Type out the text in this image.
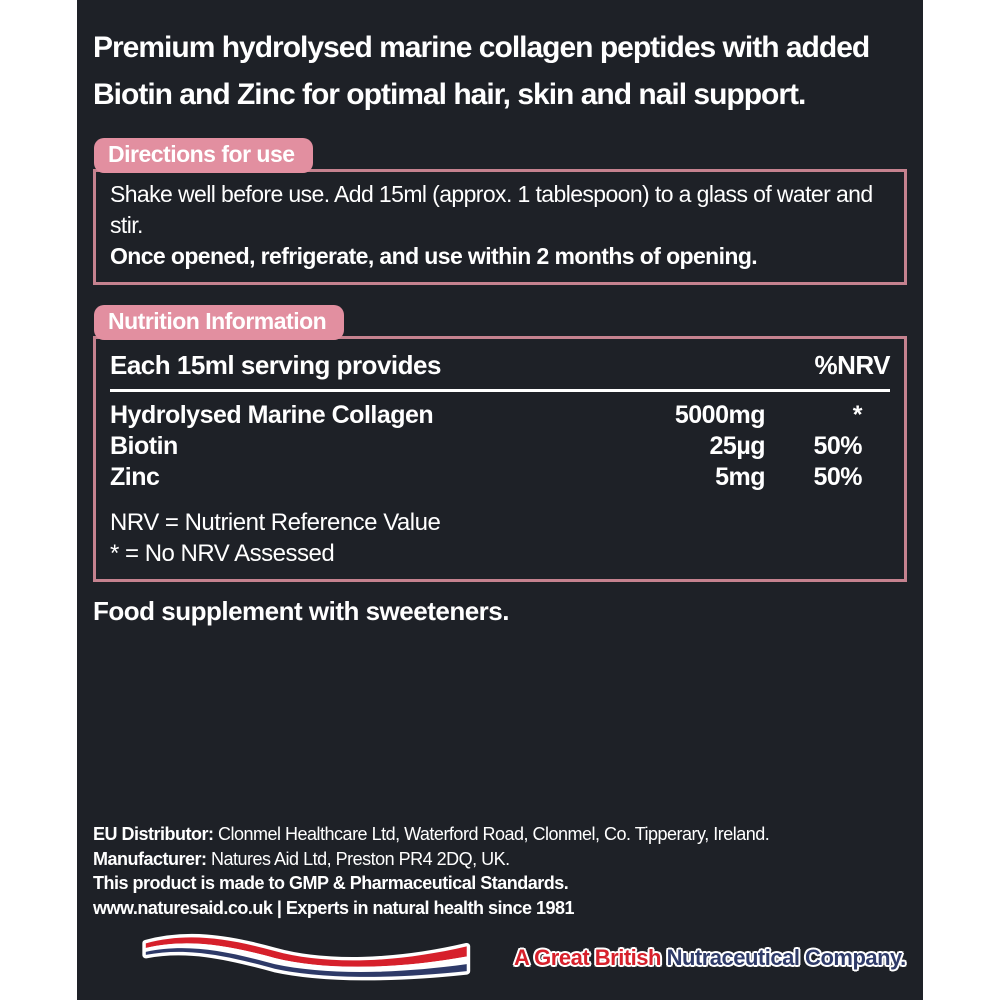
Premium hydrolysed marine collagen peptides with added Biotin and Zinc for optimal hair, skin and nail support.
Directions for use
Shake well before use. Add 15ml (approx. 1 tablespoon) to a glass of water and stir.
Once opened, refrigerate, and use within 2 months of opening.
Nutrition Information
Each 15ml serving provides	%NRV
Hydrolysed Marine Collagen	5000mg	*
Biotin	25µg	50%
Zinc	5mg	50%
NRV = Nutrient Reference Value
* = No NRV Assessed
Food supplement with sweeteners.
EU Distributor: Clonmel Healthcare Ltd, Waterford Road, Clonmel, Co. Tipperary, Ireland.
Manufacturer: Natures Aid Ltd, Preston PR4 2DQ, UK.
This product is made to GMP & Pharmaceutical Standards.
www.naturesaid.co.uk | Experts in natural health since 1981
A Great British Nutraceutical Company.
